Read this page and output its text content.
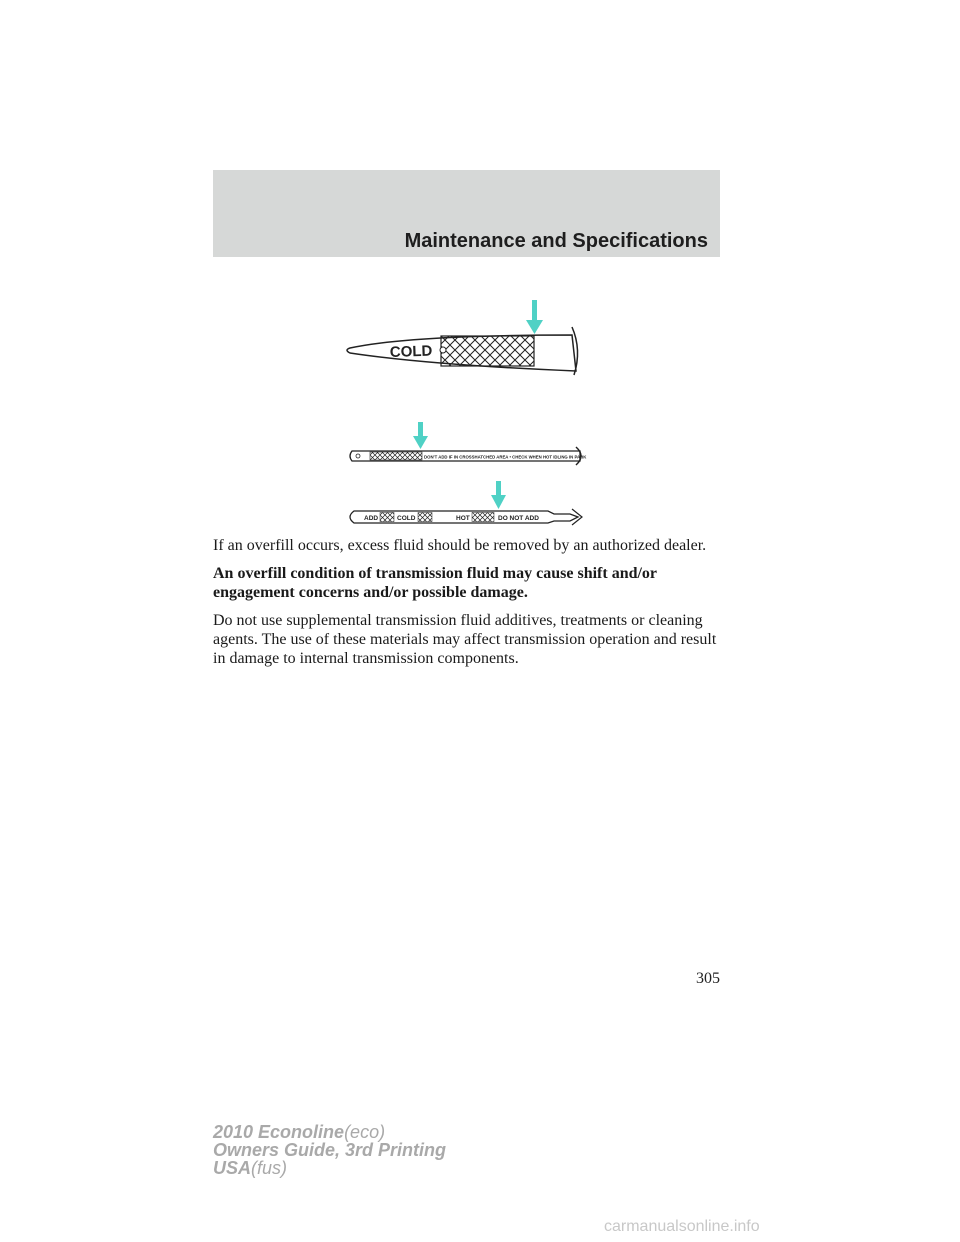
Maintenance and Specifications
COLD
DON'T ADD IF IN CROSSHATCHED AREA • CHECK WHEN HOT IDLING IN PARK
ADD	COLD	HOT	DO NOT ADD

If an overfill occurs, excess fluid should be removed by an authorized dealer.

An overfill condition of transmission fluid may cause shift and/or engagement concerns and/or possible damage.

Do not use supplemental transmission fluid additives, treatments or cleaning agents. The use of these materials may affect transmission operation and result in damage to internal transmission components.

305
2010 Econoline(eco)
Owners Guide, 3rd Printing
USA(fus)
carmanualsonline.info
